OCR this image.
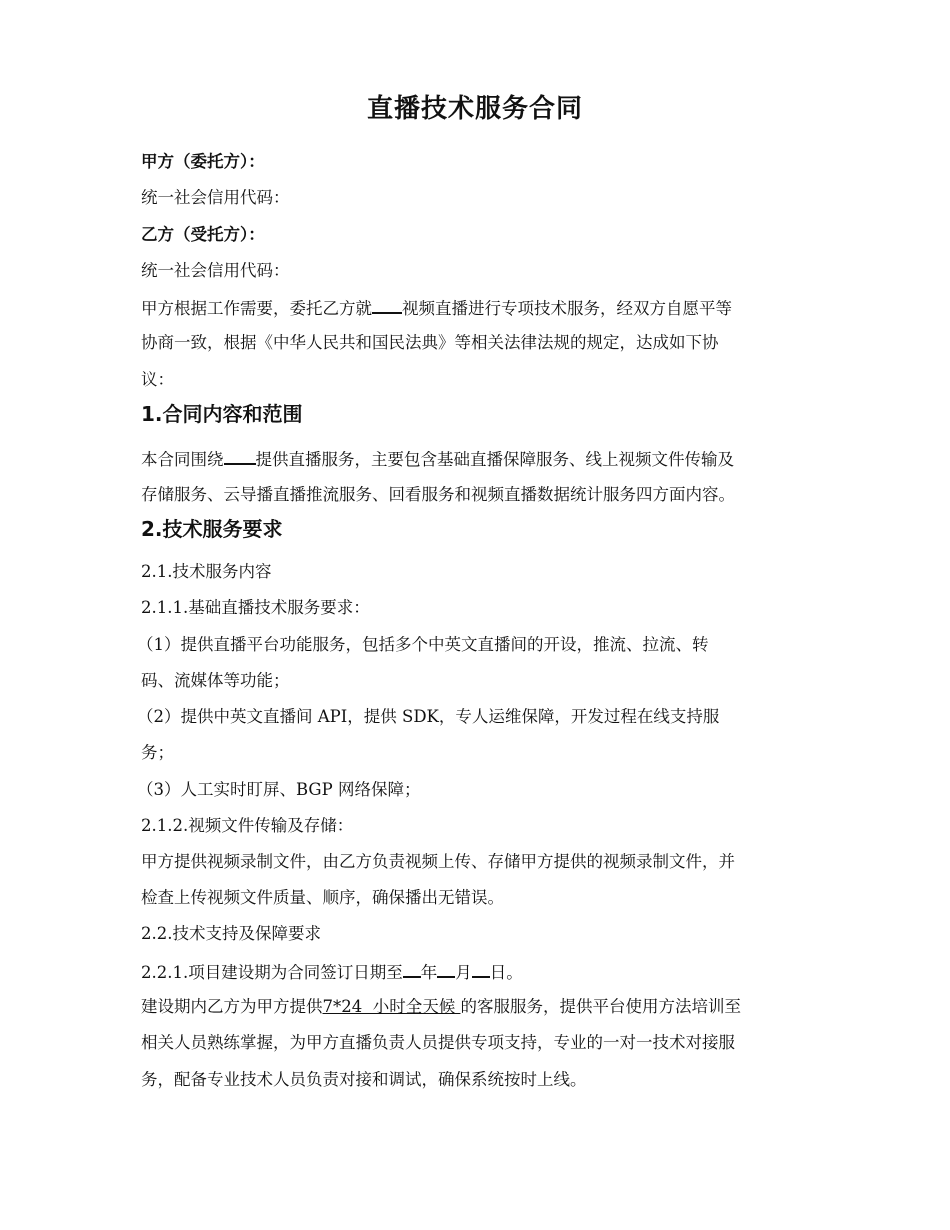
直播技术服务合同
甲方（委托方）：
统一社会信用代码：
乙方（受托方）：
统一社会信用代码：
甲方根据工作需要，委托乙方就 视频直播进行专项技术服务，经双方自愿平等
协商一致，根据《中华人民共和国民法典》等相关法律法规的规定，达成如下协
议：
1.合同内容和范围
本合同围绕 提供直播服务，主要包含基础直播保障服务、线上视频文件传输及
存储服务、云导播直播推流服务、回看服务和视频直播数据统计服务四方面内容。
2.技术服务要求
2.1.技术服务内容
2.1.1.基础直播技术服务要求：
（1）提供直播平台功能服务，包括多个中英文直播间的开设，推流、拉流、转
码、流媒体等功能；
（2）提供中英文直播间 API，提供 SDK，专人运维保障，开发过程在线支持服
务；
（3）人工实时盯屏、BGP 网络保障；
2.1.2.视频文件传输及存储：
甲方提供视频录制文件，由乙方负责视频上传、存储甲方提供的视频录制文件，并
检查上传视频文件质量、顺序，确保播出无错误。
2.2.技术支持及保障要求
2.2.1.项目建设期为合同签订日期至 年 月 日。
建设期内乙方为甲方提供7*24  小时全天候 的客服服务，提供平台使用方法培训至
相关人员熟练掌握，为甲方直播负责人员提供专项支持，专业的一对一技术对接服
务，配备专业技术人员负责对接和调试，确保系统按时上线。
